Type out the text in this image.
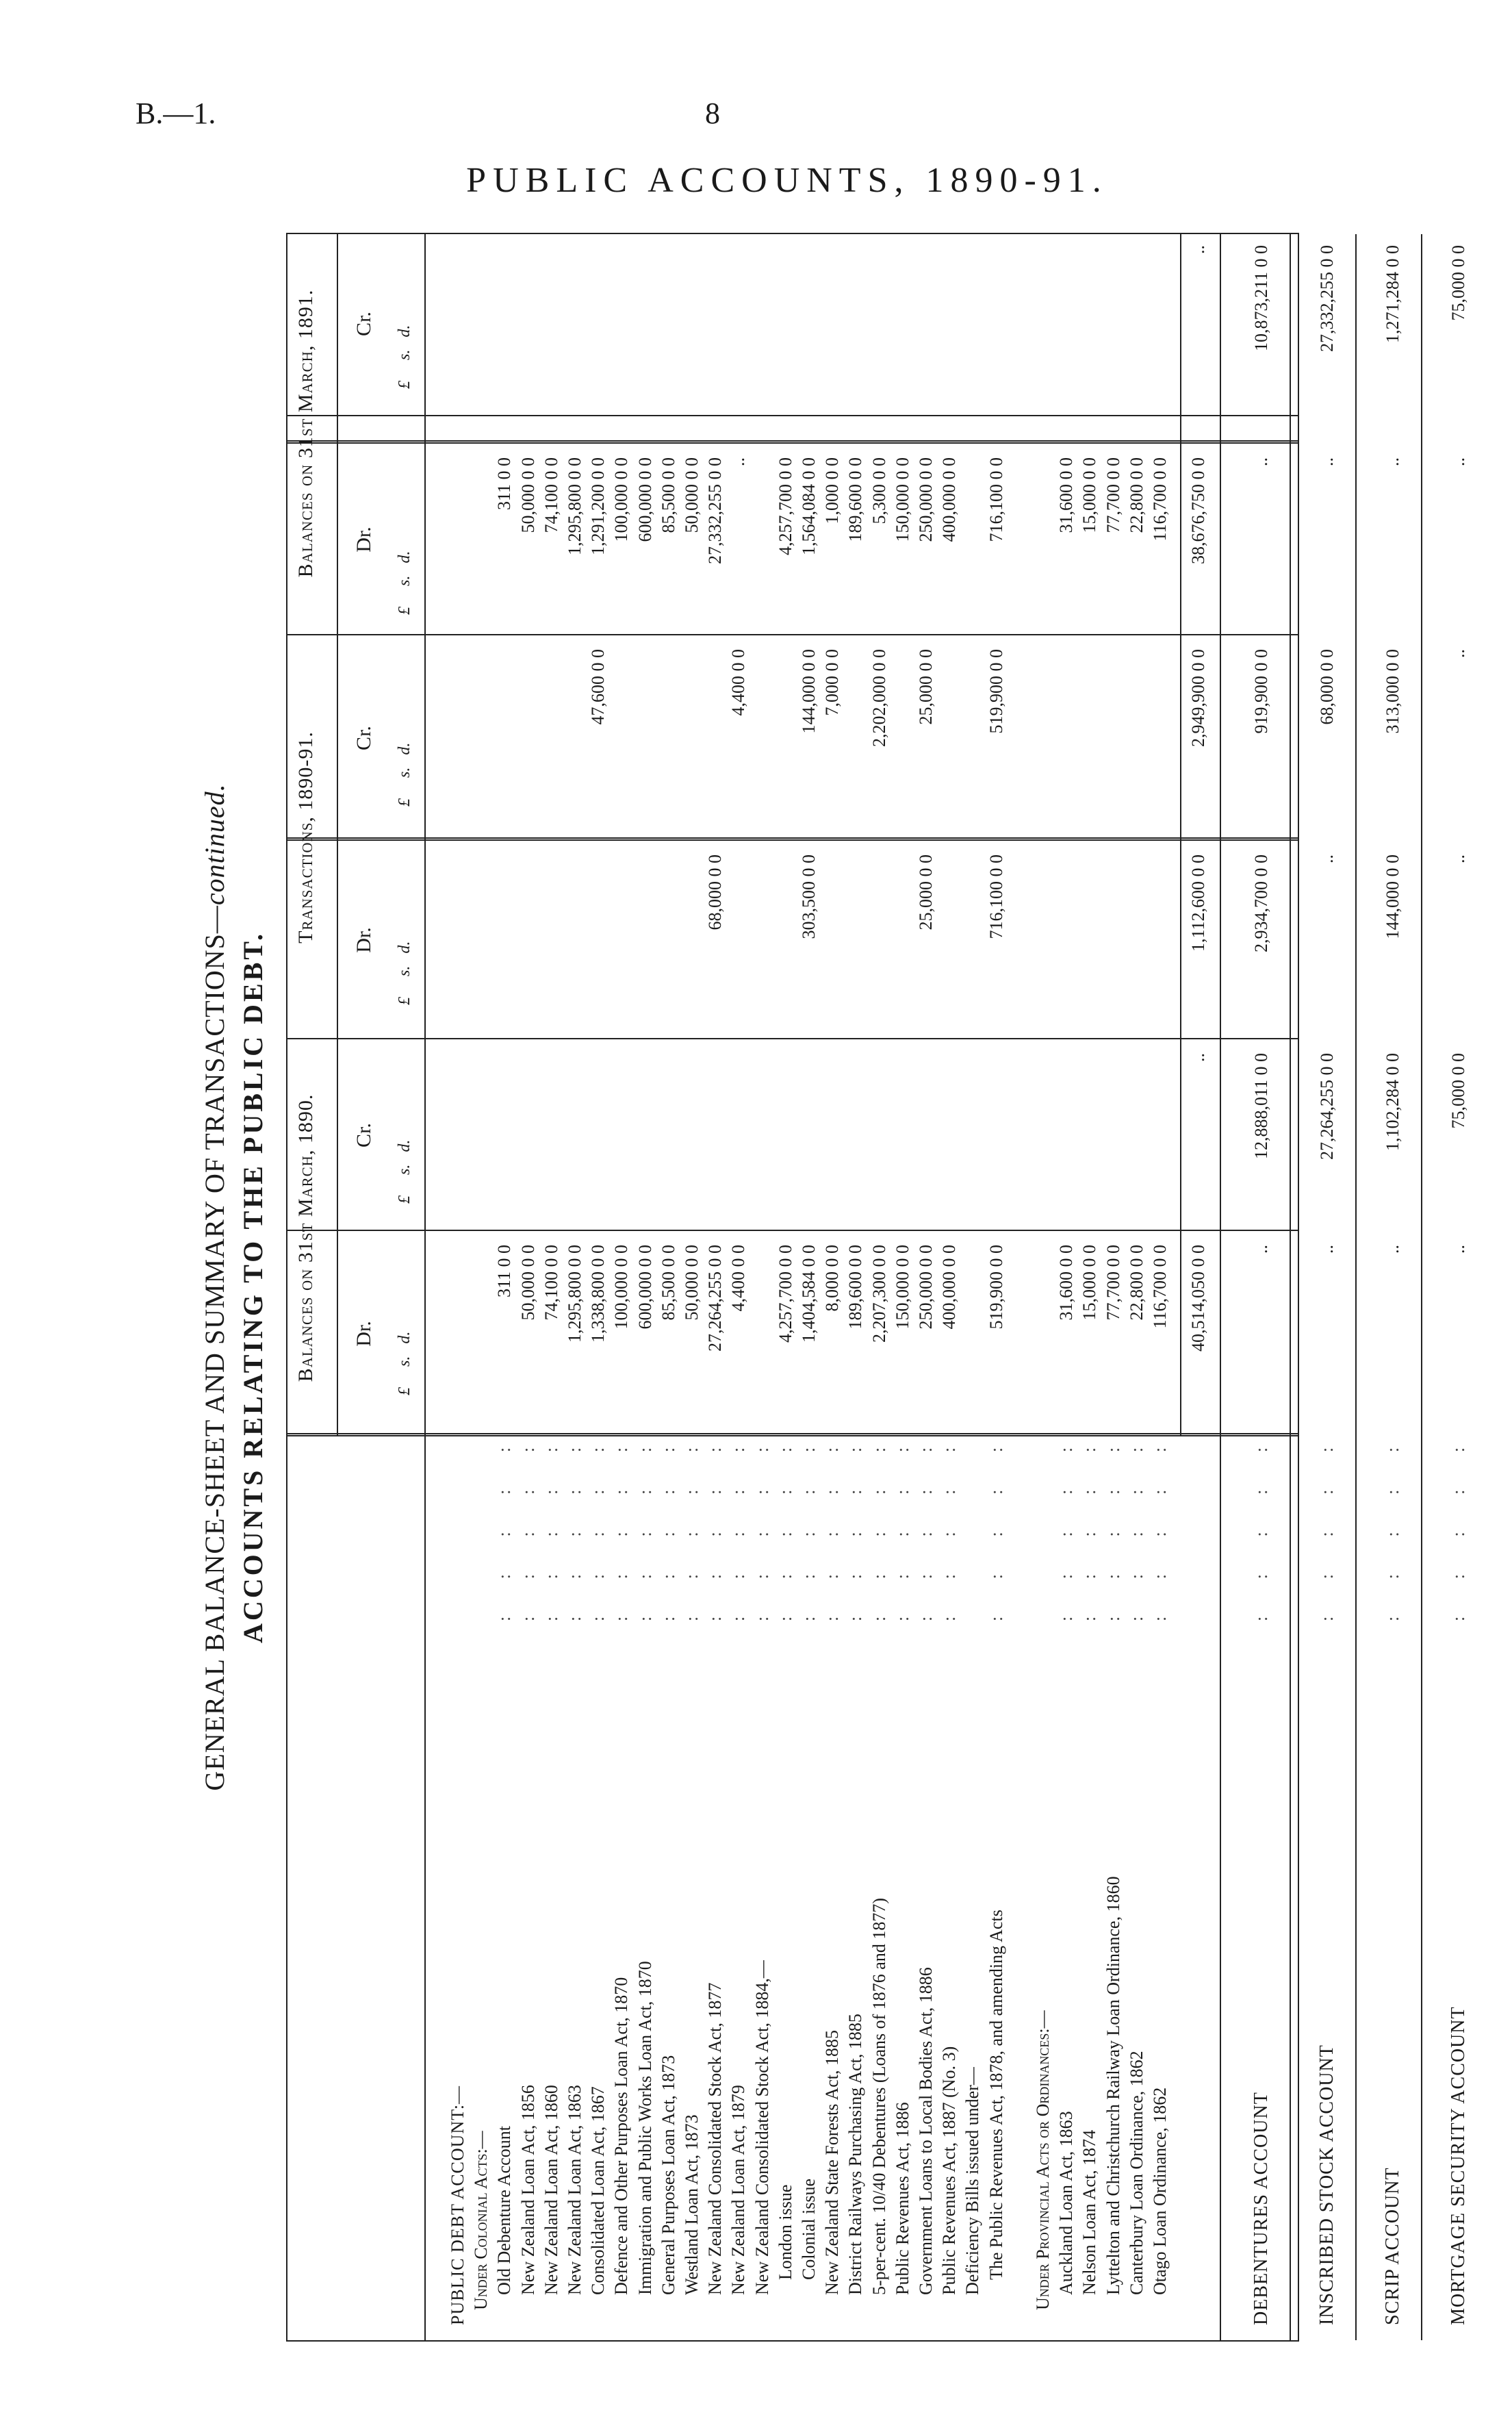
B.—1.	8
PUBLIC ACCOUNTS, 1890-91.
GENERAL BALANCE-SHEET AND SUMMARY OF TRANSACTIONS—continued.
ACCOUNTS RELATING TO THE PUBLIC DEBT. Balances on 31st March, 1890.
Transactions, 1890-91.
Balances on 31st March, 1891.
Dr.
Cr.
Dr.
Cr.
Dr.
Cr.
£     s.   d.
£     s.   d.
£     s.   d.
£     s.   d.
£     s.   d.
£     s.   d.
PUBLIC DEBT ACCOUNT:— Under Colonial Acts:— Old Debenture Account
: : : : :
311 0 0
311 0 0
New Zealand Loan Act, 1856
: : : : :
50,000 0 0
50,000 0 0
New Zealand Loan Act, 1860
: : : : :
74,100 0 0
74,100 0 0
New Zealand Loan Act, 1863
: : : : :
1,295,800 0 0
1,295,800 0 0
Consolidated Loan Act, 1867
: : : : :
1,338,800 0 0
47,600 0 0
1,291,200 0 0
Defence and Other Purposes Loan Act, 1870
: : : : :
100,000 0 0
100,000 0 0
Immigration and Public Works Loan Act, 1870
: : : : :
600,000 0 0
600,000 0 0
General Purposes Loan Act, 1873
: : : : :
85,500 0 0
85,500 0 0
Westland Loan Act, 1873
: : : : :
50,000 0 0
50,000 0 0
New Zealand Consolidated Stock Act, 1877
: : : : :
27,264,255 0 0
68,000 0 0
27,332,255 0 0
New Zealand Loan Act, 1879
: : : : :
4,400 0 0
4,400 0 0
..
New Zealand Consolidated Stock Act, 1884,—
: : : : :
London issue
: : : : :
4,257,700 0 0
4,257,700 0 0
Colonial issue
: : : : :
1,404,584 0 0
303,500 0 0
144,000 0 0
1,564,084 0 0
New Zealand State Forests Act, 1885
: : : : :
8,000 0 0
7,000 0 0
1,000 0 0
District Railways Purchasing Act, 1885
: : : : :
189,600 0 0
189,600 0 0
5-per-cent. 10/40 Debentures (Loans of 1876 and 1877)
: : : : :
2,207,300 0 0
2,202,000 0 0
5,300 0 0
Public Revenues Act, 1886
: : : : :
150,000 0 0
150,000 0 0
Government Loans to Local Bodies Act, 1886
: : : : :
250,000 0 0
25,000 0 0
25,000 0 0
250,000 0 0
Public Revenues Act, 1887 (No. 3)
: : : : :
400,000 0 0
400,000 0 0
Deficiency Bills issued under— The Public Revenues Act, 1878, and amending Acts
: : : : :
519,900 0 0
716,100 0 0
519,900 0 0
716,100 0 0
Under Provincial Acts or Ordinances:— Auckland Loan Act, 1863
: : : : :
31,600 0 0
31,600 0 0
Nelson Loan Act, 1874
: : : : :
15,000 0 0
15,000 0 0
Lyttelton and Christchurch Railway Loan Ordinance, 1860
: : : : :
77,700 0 0
77,700 0 0
Canterbury Loan Ordinance, 1862
: : : : :
22,800 0 0
22,800 0 0
Otago Loan Ordinance, 1862
: : : : :
116,700 0 0
116,700 0 0
40,514,050 0 0
..
1,112,600 0 0
2,949,900 0 0
38,676,750 0 0
..
DEBENTURES ACCOUNT
: : : : :
..
12,888,011 0 0
2,934,700 0 0
919,900 0 0
..
10,873,211 0 0
INSCRIBED STOCK ACCOUNT
: : : : :
..
27,264,255 0 0
..
68,000 0 0
..
27,332,255 0 0
SCRIP ACCOUNT
: : : : :
..
1,102,284 0 0
144,000 0 0
313,000 0 0
..
1,271,284 0 0
MORTGAGE SECURITY ACCOUNT
: : : : :
..
75,000 0 0
..
..
..
75,000 0 0
